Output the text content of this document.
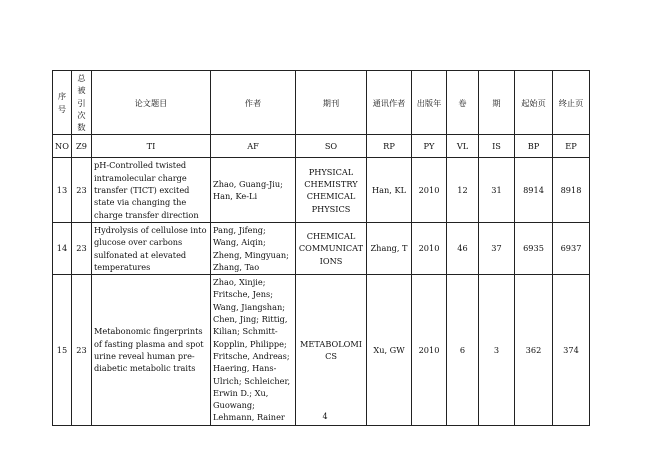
序号	总被引次数	论文题目	作者	期刊	通讯作者	出版年	卷	期	起始页	终止页
NO	Z9	TI	AF	SO	RP	PY	VL	IS	BP	EP
13	23	pH-Controlled twisted intramolecular charge transfer (TICT) excited state via changing the charge transfer direction	Zhao, Guang-Jiu; Han, Ke-Li	PHYSICAL CHEMISTRY CHEMICAL PHYSICS	Han, KL	2010	12	31	8914	8918
14	23	Hydrolysis of cellulose into glucose over carbons sulfonated at elevated temperatures	Pang, Jifeng; Wang, Aiqin; Zheng, Mingyuan; Zhang, Tao	CHEMICAL COMMUNICATIONS	Zhang, T	2010	46	37	6935	6937
15	23	Metabonomic fingerprints of fasting plasma and spot urine reveal human pre-diabetic metabolic traits	Zhao, Xinjie; Fritsche, Jens; Wang, Jiangshan; Chen, Jing; Rittig, Kilian; Schmitt-Kopplin, Philippe; Fritsche, Andreas; Haering, Hans-Ulrich; Schleicher, Erwin D.; Xu, Guowang; Lehmann, Rainer	METABOLOMICS	Xu, GW	2010	6	3	362	374
4
